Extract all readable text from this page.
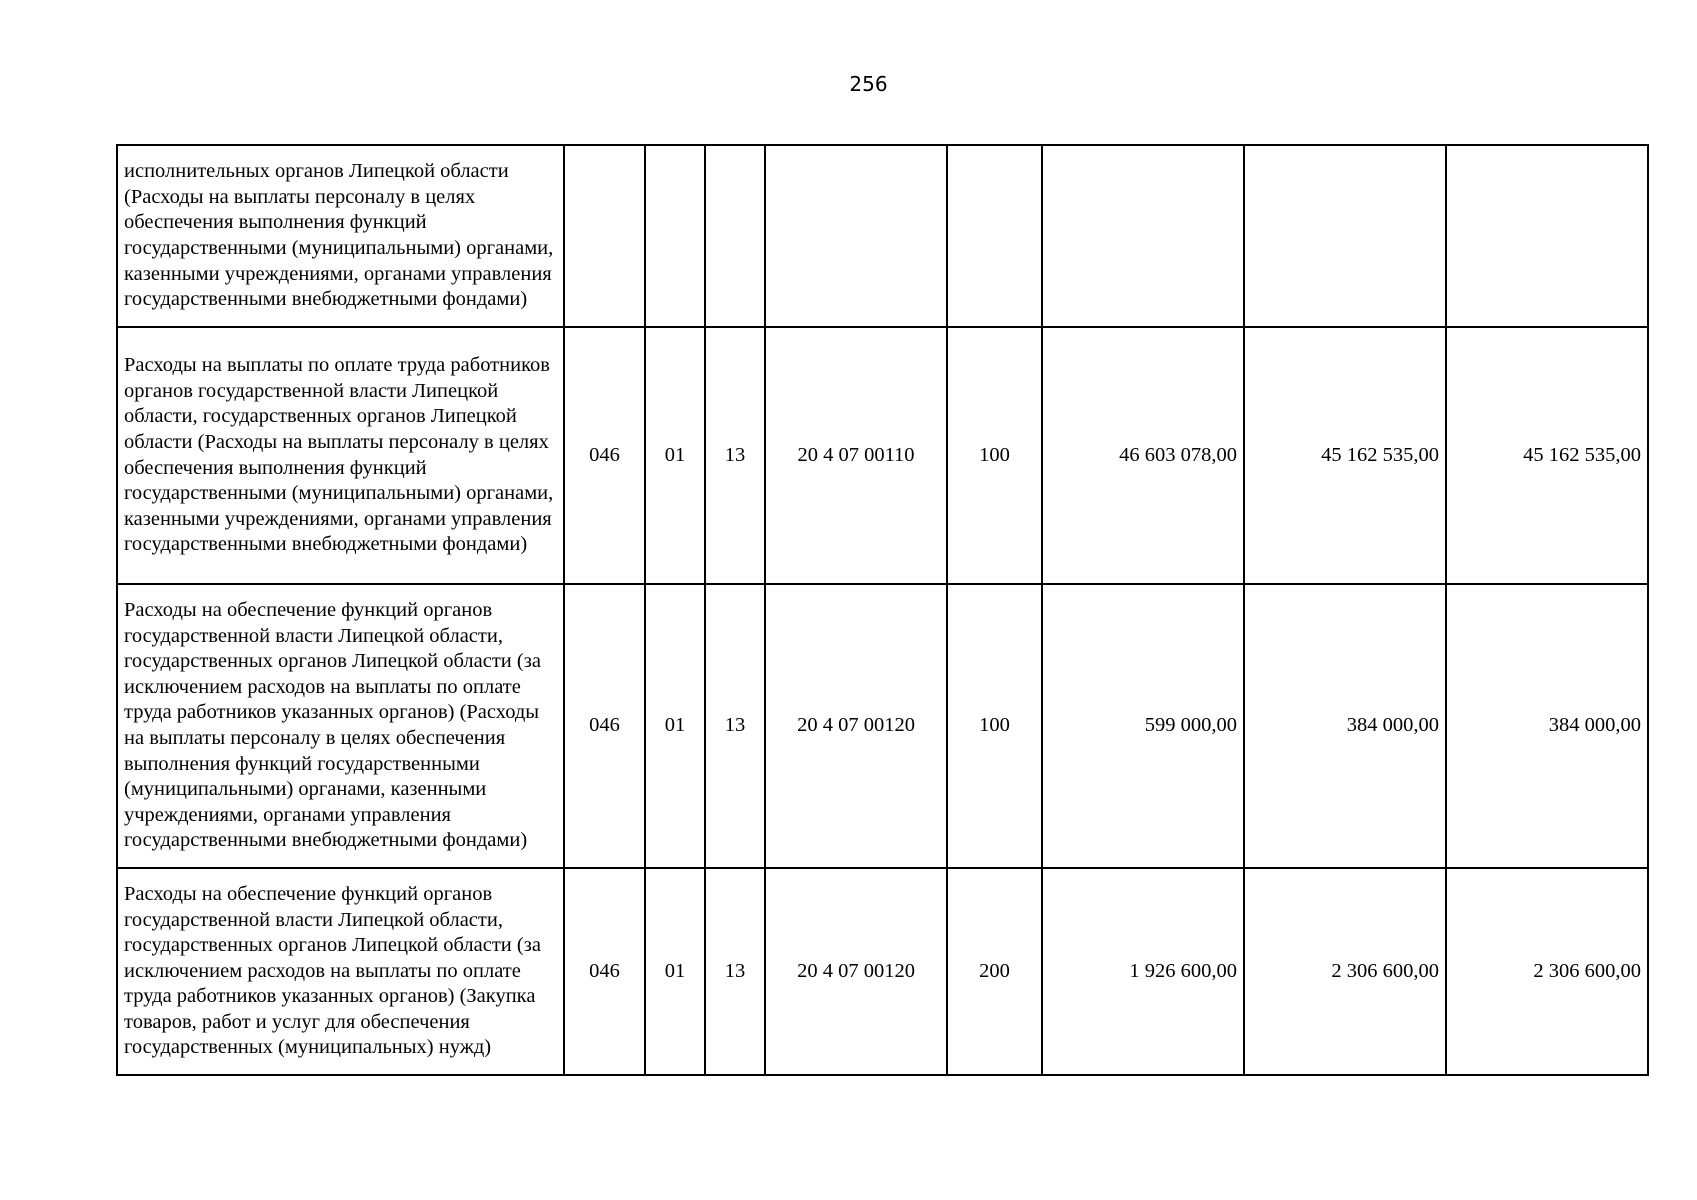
256
исполнительных органов Липецкой области (Расходы на выплаты персоналу в целях обеспечения выполнения функций государственными (муниципальными) органами, казенными учреждениями, органами управления государственными внебюджетными фондами)								
Расходы на выплаты по оплате труда работников органов государственной власти Липецкой области, государственных органов Липецкой области (Расходы на выплаты персоналу в целях обеспечения выполнения функций государственными (муниципальными) органами, казенными учреждениями, органами управления государственными внебюджетными фондами)	046	01	13	20 4 07 00110	100	46 603 078,00	45 162 535,00	45 162 535,00
Расходы на обеспечение функций органов государственной власти Липецкой области, государственных органов Липецкой области (за исключением расходов на выплаты по оплате труда работников указанных органов) (Расходы на выплаты персоналу в целях обеспечения выполнения функций государственными (муниципальными) органами, казенными учреждениями, органами управления государственными внебюджетными фондами)	046	01	13	20 4 07 00120	100	599 000,00	384 000,00	384 000,00
Расходы на обеспечение функций органов государственной власти Липецкой области, государственных органов Липецкой области (за исключением расходов на выплаты по оплате труда работников указанных органов) (Закупка товаров, работ и услуг для обеспечения государственных (муниципальных) нужд)	046	01	13	20 4 07 00120	200	1 926 600,00	2 306 600,00	2 306 600,00
